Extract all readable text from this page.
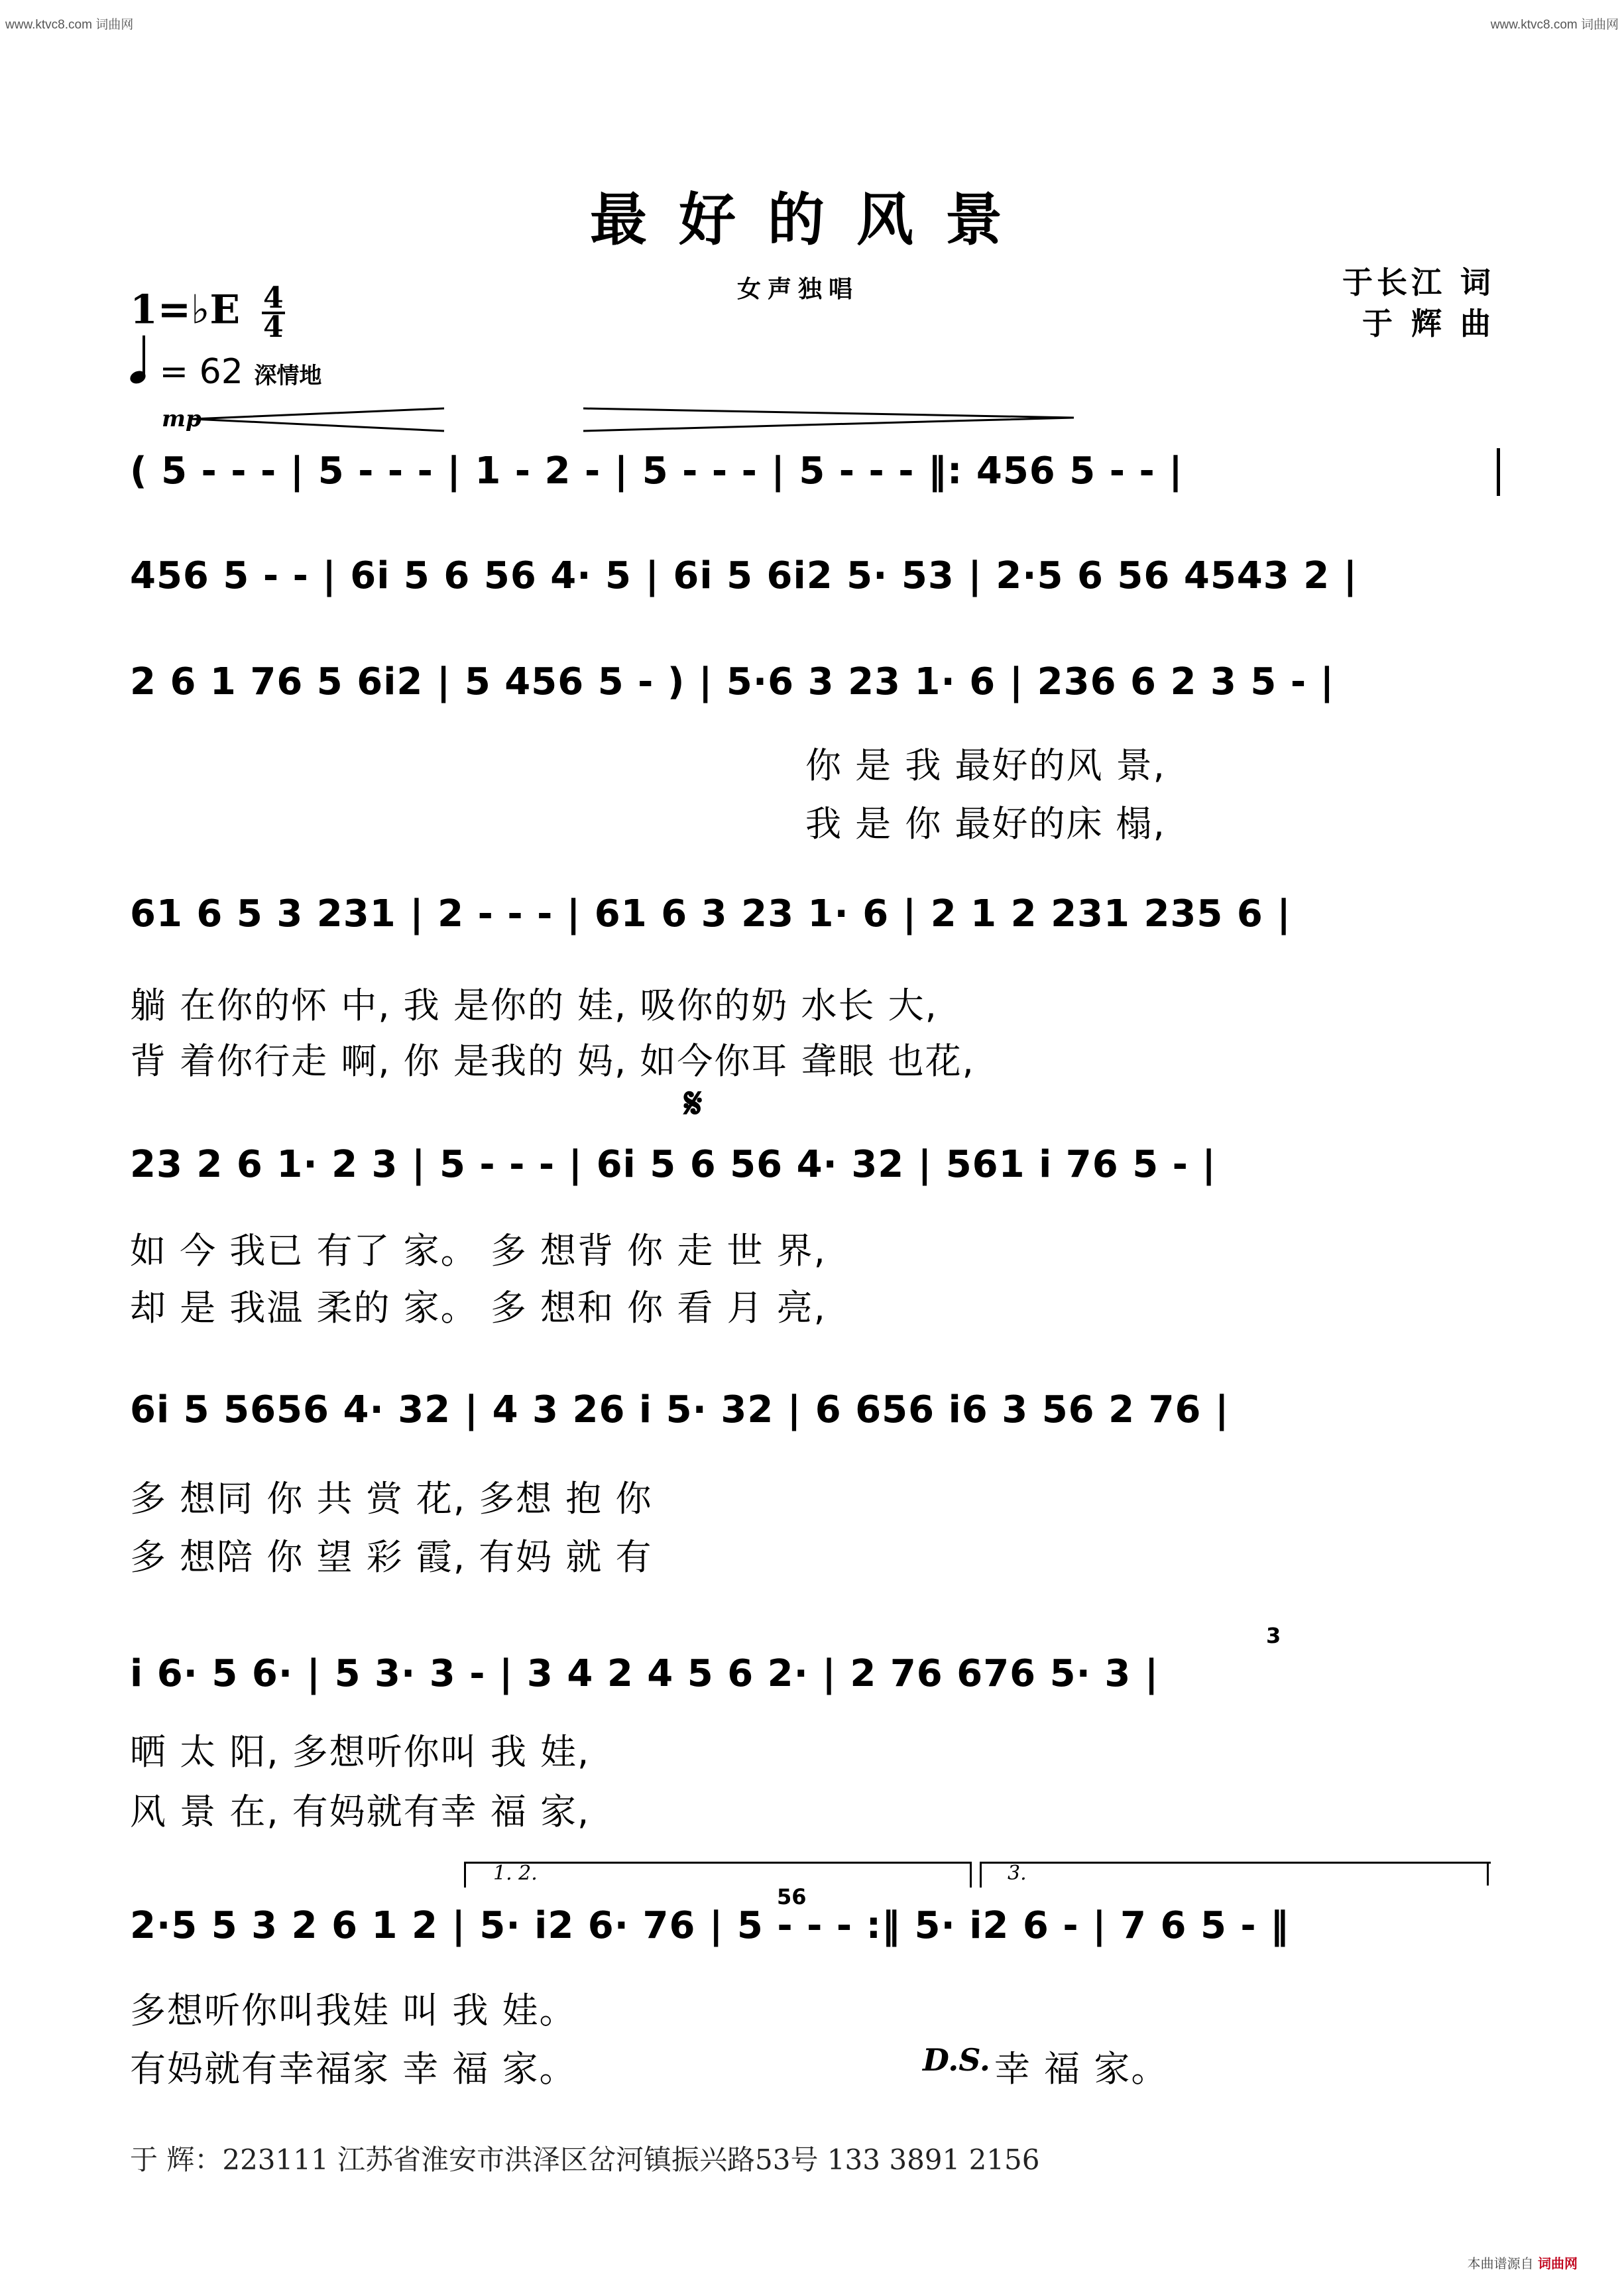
www.ktvc8.com 词曲网	www.ktvc8.com 词曲网
最好的风景
女声独唱	于长江 词
于 辉 曲
1=♭E $\frac{4}{4}$
= 62 深情地
mp
( 5 - - - | 5 - - - | 1 - 2 - | 5 - - - | 5 - - - ‖: 456 5 - - |
456 5 - - | 6i 5 6 56 4· 5 | 6i 5 6i2 5· 53 | 2·5 6 56 4543 2 |
2 6 1 76 5 6i2 | 5 456 5 - ) | 5·6 3 23 1· 6 | 236 6 2 3 5 - |
你 是 我 最好的风 景,
我 是 你 最好的床 榻,
61 6 5 3 231 | 2 - - - | 61 6 3 23 1· 6 | 2 1 2 231 235 6 |
躺 在你的怀 中, 我 是你的 娃, 吸你的奶 水长 大,
背 着你行走 啊, 你 是我的 妈, 如今你耳 聋眼 也花,
𝄋
23 2 6 1· 2 3 | 5 - - - | 6i 5 6 56 4· 32 | 561 i 76 5 - |
如 今 我已 有了 家。 多 想背 你 走 世 界,
却 是 我温 柔的 家。 多 想和 你 看 月 亮,
6i 5 5656 4· 32 | 4 3 26 i 5· 32 | 6 656 i6 3 56 2 76 |
多 想同 你 共 赏 花, 多想 抱 你
多 想陪 你 望 彩 霞, 有妈 就 有
3
i 6· 5 6· | 5 3· 3 - | 3 4 2 4 5 6 2· | 2 76 676 5· 3 |
晒 太 阳, 多想听你叫 我 娃,
风 景 在, 有妈就有幸 福 家,
1. 2.	3.
56
2·5 5 3 2 6 1 2 | 5· i2 6· 76 | 5 - - - :‖ 5· i2 6 - | 7 6 5 - ‖
多想听你叫我娃 叫 我 娃。
有妈就有幸福家 幸 福 家。	D.S. 幸 福 家。
于 辉：223111 江苏省淮安市洪泽区岔河镇振兴路53号 133 3891 2156
本曲谱源自 词曲网
